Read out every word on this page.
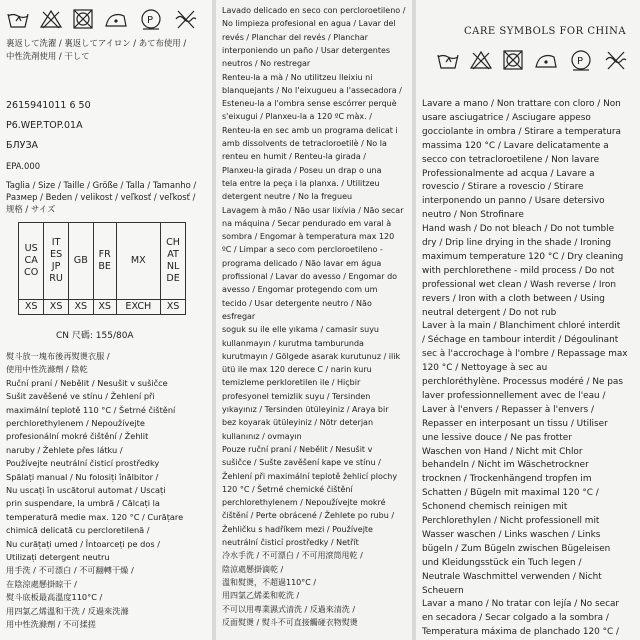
P
裏返して洗濯 / 裏返してアイロン / あて布使用 /
中性洗剤使用 / 干して
2615941011 6 50
P6.WEP.TOP.01A
БЛУЗА
EPA.000
Taglia / Size / Taille / Größe / Talla / Tamanho /
Размер / Beden / velikost / veľkosť / veľkosť /
规格 / サイズ
US
CA
CO	IT
ES
JP
RU	GB	FR
BE	MX	CH
AT
NL
DE
XS	XS	XS	XS	EXCH	XS
CN 尺碼: 155/80A
熨斗放一塊布後再熨燙衣服 /
使用中性洗滌劑 / 陰乾
Ruční praní / Nebělit / Nesušit v sušičce
Sušit zavěšené ve stínu / Žehlení při
maximální teplotě 110 °C / Šetrné čištění
perchlorethylenem / Nepoužívejte
profesionální mokré čištění / Žehlit
naruby / Žehlete přes látku /
Používejte neutrální čisticí prostředky
Spălați manual / Nu folosiți înălbitor /
Nu uscați în uscătorul automat / Uscați
prin suspendare, la umbră / Călcați la
temperatură medie max. 120 °C / Curățare
chimică delicată cu percloretilenă /
Nu curățați umed / Întoarceți pe dos /
Utilizați detergent neutru
用手洗 / 不可漂白 / 不可翻轉干燥 /
在陰涼處懸掛晾干 /
熨斗底板最高溫度110°C /
用四氯乙烯溫和干洗 / 反過來洗滌
用中性洗滌劑 / 不可揉搓
Lavado delicado en seco con percloroetileno /
No limpieza profesional en agua / Lavar del
revés / Planchar del revés / Planchar
interponiendo un paño / Usar detergentes
neutros / No restregar
Renteu-la a mà / No utilitzeu lleixiu ni
blanquejants / No l'eixugueu a l'assecadora /
Esteneu-la a l'ombra sense escórrer perquè
s'eixugui / Planxeu-la a 120 ºC màx. /
Renteu-la en sec amb un programa delicat i
amb dissolvents de tetracloroetilè / No la
renteu en humit / Renteu-la girada /
Planxeu-la girada / Poseu un drap o una
tela entre la peça i la planxa. / Utilitzeu
detergent neutre / No la fregueu
Lavagem à mão / Não usar lixívia / Não secar
na máquina / Secar pendurado em varal à
sombra / Engomar à temperatura max 120
ºC / Limpar a seco com percloroetileno -
programa delicado / Não lavar em água
profissional / Lavar do avesso / Engomar do
avesso / Engomar protegendo com um
tecido / Usar detergente neutro / Não
esfregar
soguk su ile elle yıkama / camasir suyu
kullanmayın / kurutma tamburunda
kurutmayın / Gölgede asarak kurutunuz / ilik
ütü ile max 120 derece C / narin kuru
temizleme perkloretilen ile / Hiçbir
profesyonel temizlik suyu / Tersinden
yıkayınız / Tersinden ütüleyiniz / Araya bir
bez koyarak ütüleyiniz / Nötr deterjan
kullanınız / ovmayın
Pouze ruční praní / Nebělit / Nesušit v
sušičce / Sušte zavěšení kape ve stínu /
Žehlení při maximální teplotě žehlicí plochy
120 °C / Šetrné chemické čištění
perchlorethylenem / Nepoužívejte mokré
čištění / Perte obrácené / Žehlete po rubu /
Žehličku s hadříkem mezi / Používejte
neutrální čisticí prostředky / Netřít
冷水手洗 / 不可漂白 / 不可用滾筒甩乾 /
陰涼處懸掛滴乾 /
溫和熨燙，不超過110°C /
用四氯乙烯柔和乾洗 /
不可以用專業濕式清洗 / 反過來清洗 /
反面熨燙 / 熨斗不可直接觸碰衣物熨燙
CARE SYMBOLS FOR CHINA
P
Lavare a mano / Non trattare con cloro / Non
usare asciugatrice / Asciugare appeso
gocciolante in ombra / Stirare a temperatura
massima 120 °C / Lavare delicatamente a
secco con tetracloroetilene / Non lavare
Professionalmente ad acqua / Lavare a
rovescio / Stirare a rovescio / Stirare
interponendo un panno / Usare detersivo
neutro / Non Strofinare
Hand wash / Do not bleach / Do not tumble
dry / Drip line drying in the shade / Ironing
maximum temperature 120 °C / Dry cleaning
with perchlorethene - mild process / Do not
professional wet clean / Wash reverse / Iron
revers / Iron with a cloth between / Using
neutral detergent / Do not rub
Laver à la main / Blanchiment chloré interdit
/ Séchage en tambour interdit / Dégoulinant
sec à l'accrochage à l'ombre / Repassage max
120 °C / Nettoyage à sec au
perchloréthylène. Processus modéré / Ne pas
laver professionnellement avec de l'eau /
Laver à l'envers / Repasser à l'envers /
Repasser en interposant un tissu / Utiliser
une lessive douce / Ne pas frotter
Waschen von Hand / Nicht mit Chlor
behandeln / Nicht im Wäschetrockner
trocknen / Trockenhängend tropfen im
Schatten / Bügeln mit maximal 120 °C /
Schonend chemisch reinigen mit
Perchlorethylen / Nicht professionell mit
Wasser waschen / Links waschen / Links
bügeln / Zum Bügeln zwischen Bügeleisen
und Kleidungsstück ein Tuch legen /
Neutrale Waschmittel verwenden / Nicht
Scheuern
Lavar a mano / No tratar con lejía / No secar
en secadora / Secar colgado a la sombra /
Temperatura máxima de planchado 120 °C /
